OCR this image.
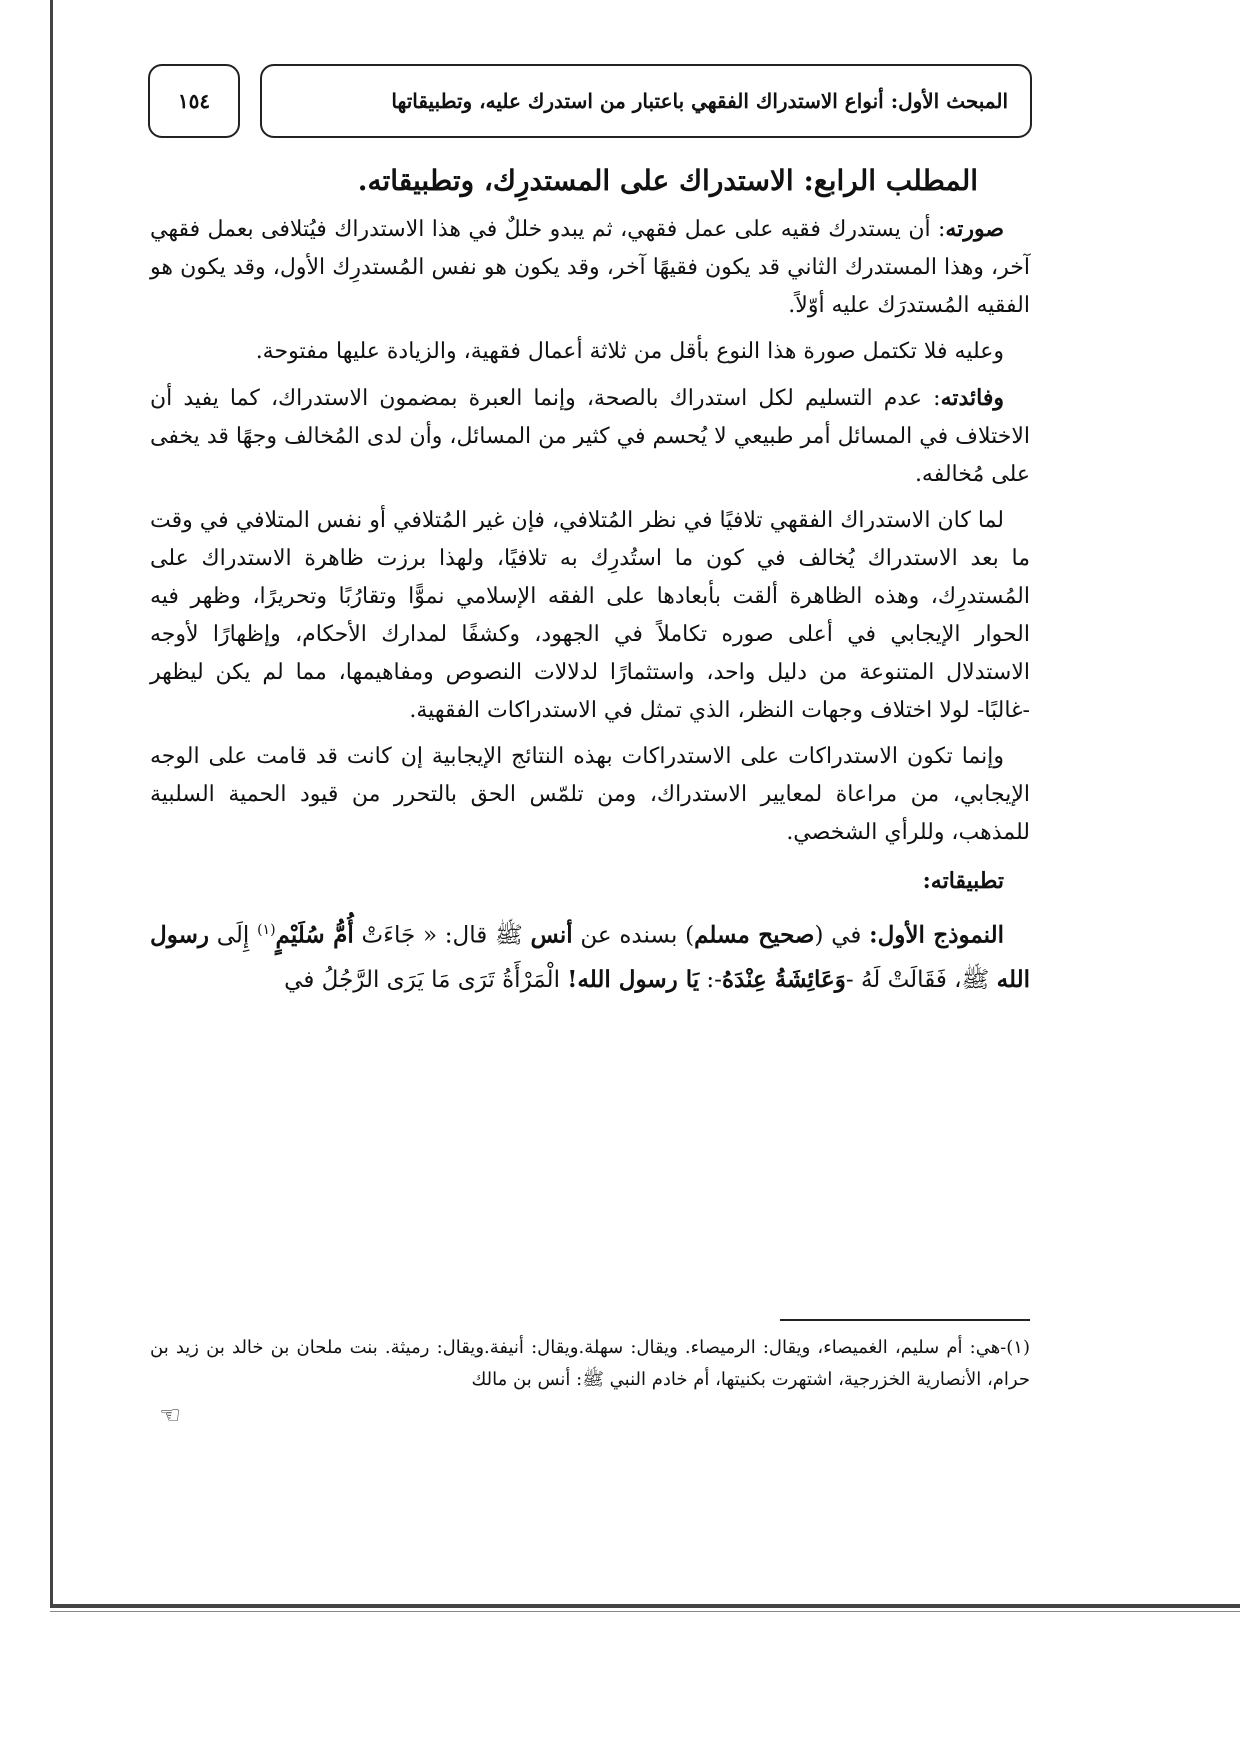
١٥٤	المبحث الأول: أنواع الاستدراك الفقهي باعتبار من استدرك عليه، وتطبيقاتها
المطلب الرابع: الاستدراك على المستدرِك، وتطبيقاته.

صورته: أن يستدرك فقيه على عمل فقهي، ثم يبدو خللٌ في هذا الاستدراك فيُتلافى بعمل فقهي آخر، وهذا المستدرك الثاني قد يكون فقيهًا آخر، وقد يكون هو نفس المُستدرِك الأول، وقد يكون هو الفقيه المُستدرَك عليه أوّلاً.

وعليه فلا تكتمل صورة هذا النوع بأقل من ثلاثة أعمال فقهية، والزيادة عليها مفتوحة.

وفائدته: عدم التسليم لكل استدراك بالصحة، وإنما العبرة بمضمون الاستدراك، كما يفيد أن الاختلاف في المسائل أمر طبيعي لا يُحسم في كثير من المسائل، وأن لدى المُخالف وجهًا قد يخفى على مُخالفه.

لما كان الاستدراك الفقهي تلافيًا في نظر المُتلافي، فإن غير المُتلافي أو نفس المتلافي في وقت ما بعد الاستدراك يُخالف في كون ما استُدرِك به تلافيًا، ولهذا برزت ظاهرة الاستدراك على المُستدرِك، وهذه الظاهرة ألقت بأبعادها على الفقه الإسلامي نموًّا وتقارُبًا وتحريرًا، وظهر فيه الحوار الإيجابي في أعلى صوره تكاملاً في الجهود، وكشفًا لمدارك الأحكام، وإظهارًا لأوجه الاستدلال المتنوعة من دليل واحد، واستثمارًا لدلالات النصوص ومفاهيمها، مما لم يكن ليظهر -غالبًا- لولا اختلاف وجهات النظر، الذي تمثل في الاستدراكات الفقهية.

وإنما تكون الاستدراكات على الاستدراكات بهذه النتائج الإيجابية إن كانت قد قامت على الوجه الإيجابي، من مراعاة لمعايير الاستدراك، ومن تلمّس الحق بالتحرر من قيود الحمية السلبية للمذهب، وللرأي الشخصي.

تطبيقاته:

النموذج الأول: في (صحيح مسلم) بسنده عن أنس ﷺ قال: « جَاءَتْ أُمُّ سُلَيْمٍ$^{(١)}$ إِلَى رسول الله ﷺ، فَقَالَتْ لَهُ -وَعَائِشَةُ عِنْدَهُ-: يَا رسول الله! الْمَرْأَةُ تَرَى مَا يَرَى الرَّجُلُ في

(١)-هي: أم سليم، الغميصاء، ويقال: الرميصاء. ويقال: سهلة.ويقال: أنيفة.ويقال: رميثة. بنت ملحان بن خالد بن زيد بن حرام، الأنصارية الخزرجية، اشتهرت بكنيتها، أم خادم النبي ﷺ: أنس بن مالك

☜
